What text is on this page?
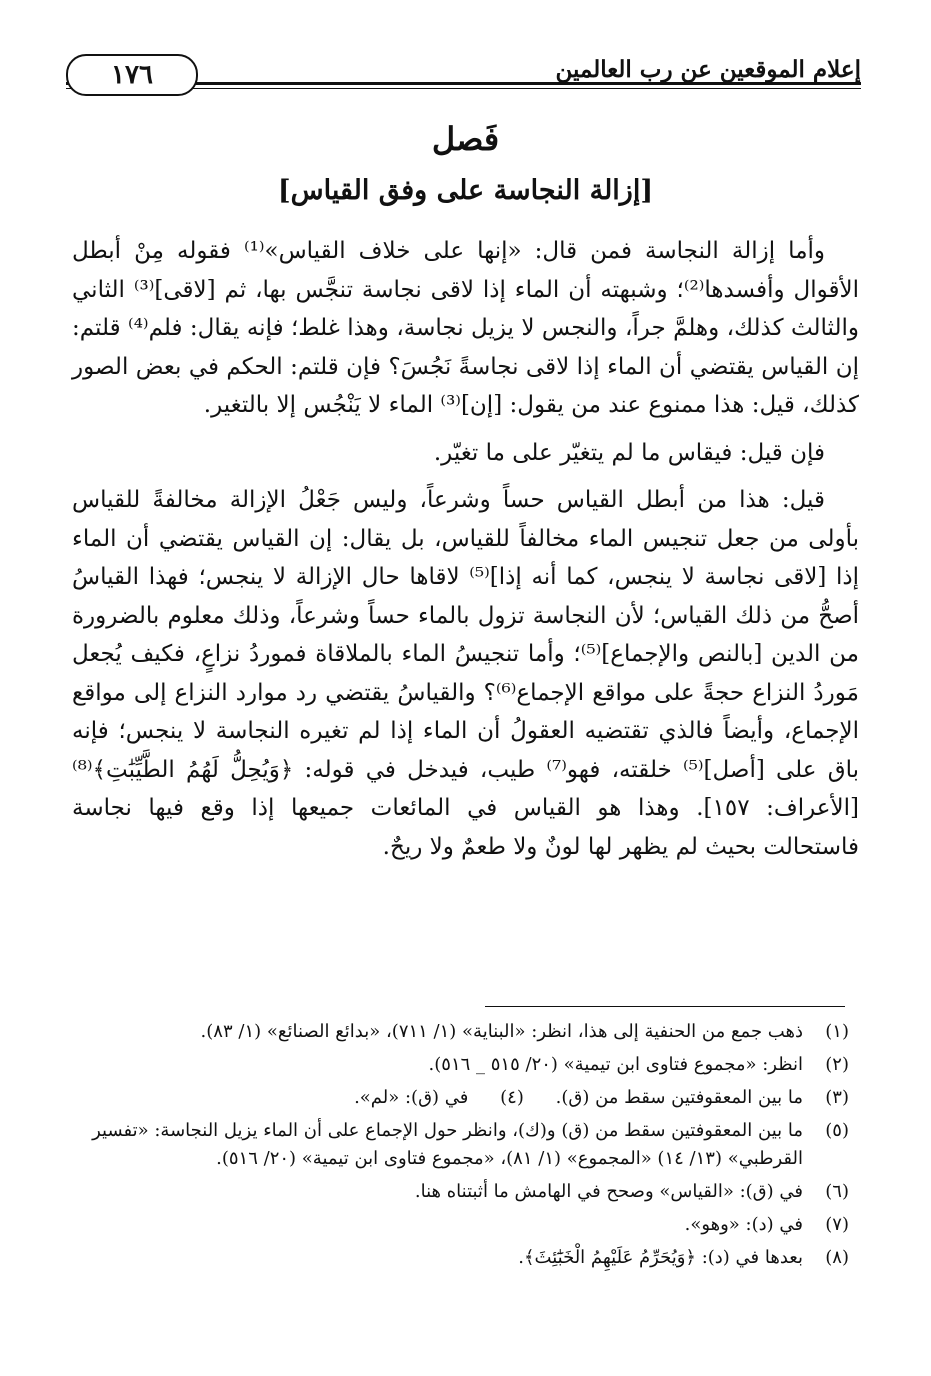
إعلام الموقعين عن رب العالمين
١٧٦
فَصل
[إزالة النجاسة على وفق القياس]

وأما إزالة النجاسة فمن قال: «إنها على خلاف القياس»⁽¹⁾ فقوله مِنْ أبطل الأقوال وأفسدها⁽²⁾؛ وشبهته أن الماء إذا لاقى نجاسة تنجَّس بها، ثم [لاقى]⁽³⁾ الثاني والثالث كذلك، وهلمَّ جراً، والنجس لا يزيل نجاسة، وهذا غلط؛ فإنه يقال: فلم⁽⁴⁾ قلتم: إن القياس يقتضي أن الماء إذا لاقى نجاسةً نَجُسَ؟ فإن قلتم: الحكم في بعض الصور كذلك، قيل: هذا ممنوع عند من يقول: [إن]⁽³⁾ الماء لا يَنْجُس إلا بالتغير.

فإن قيل: فيقاس ما لم يتغيّر على ما تغيّر.

قيل: هذا من أبطل القياس حساً وشرعاً، وليس جَعْلُ الإزالة مخالفةً للقياس بأولى من جعل تنجيس الماء مخالفاً للقياس، بل يقال: إن القياس يقتضي أن الماء إذا [لاقى نجاسة لا ينجس، كما أنه إذا]⁽⁵⁾ لاقاها حال الإزالة لا ينجس؛ فهذا القياسُ أصحُّ من ذلك القياس؛ لأن النجاسة تزول بالماء حساً وشرعاً، وذلك معلوم بالضرورة من الدين [بالنص والإجماع]⁽⁵⁾؛ وأما تنجيسُ الماء بالملاقاة فموردُ نزاعٍ، فكيف يُجعل مَوردُ النزاع حجةً على مواقع الإجماع⁽⁶⁾؟ والقياسُ يقتضي رد موارد النزاع إلى مواقع الإجماع، وأيضاً فالذي تقتضيه العقولُ أن الماء إذا لم تغيره النجاسة لا ينجس؛ فإنه باق على [أصل]⁽⁵⁾ خلقته، فهو⁽⁷⁾ طيب، فيدخل في قوله: ﴿وَيُحِلُّ لَهُمُ الطَّيِّبَٰتِ﴾⁽⁸⁾ [الأعراف: ١٥٧]. وهذا هو القياس في المائعات جميعها إذا وقع فيها نجاسة فاستحالت بحيث لم يظهر لها لونٌ ولا طعمٌ ولا ريحٌ.

(١)
ذهب جمع من الحنفية إلى هذا، انظر: «البناية» (١/ ٧١١)، «بدائع الصنائع» (١/ ٨٣).
(٢)
انظر: «مجموع فتاوى ابن تيمية» (٢٠/ ٥١٥ _ ٥١٦).
(٣)
ما بين المعقوفتين سقط من (ق). (٤) في (ق): «لم».
(٥)
ما بين المعقوفتين سقط من (ق) و(ك)، وانظر حول الإجماع على أن الماء يزيل النجاسة: «تفسير القرطبي» (١٣/ ١٤) «المجموع» (١/ ٨١)، «مجموع فتاوى ابن تيمية» (٢٠/ ٥١٦).
(٦)
في (ق): «القياس» وصحح في الهامش ما أثبتناه هنا.
(٧)
في (د): «وهو».
(٨)
بعدها في (د): ﴿وَيُحَرِّمُ عَلَيْهِمُ الْخَبَٰٓئِثَ﴾.
